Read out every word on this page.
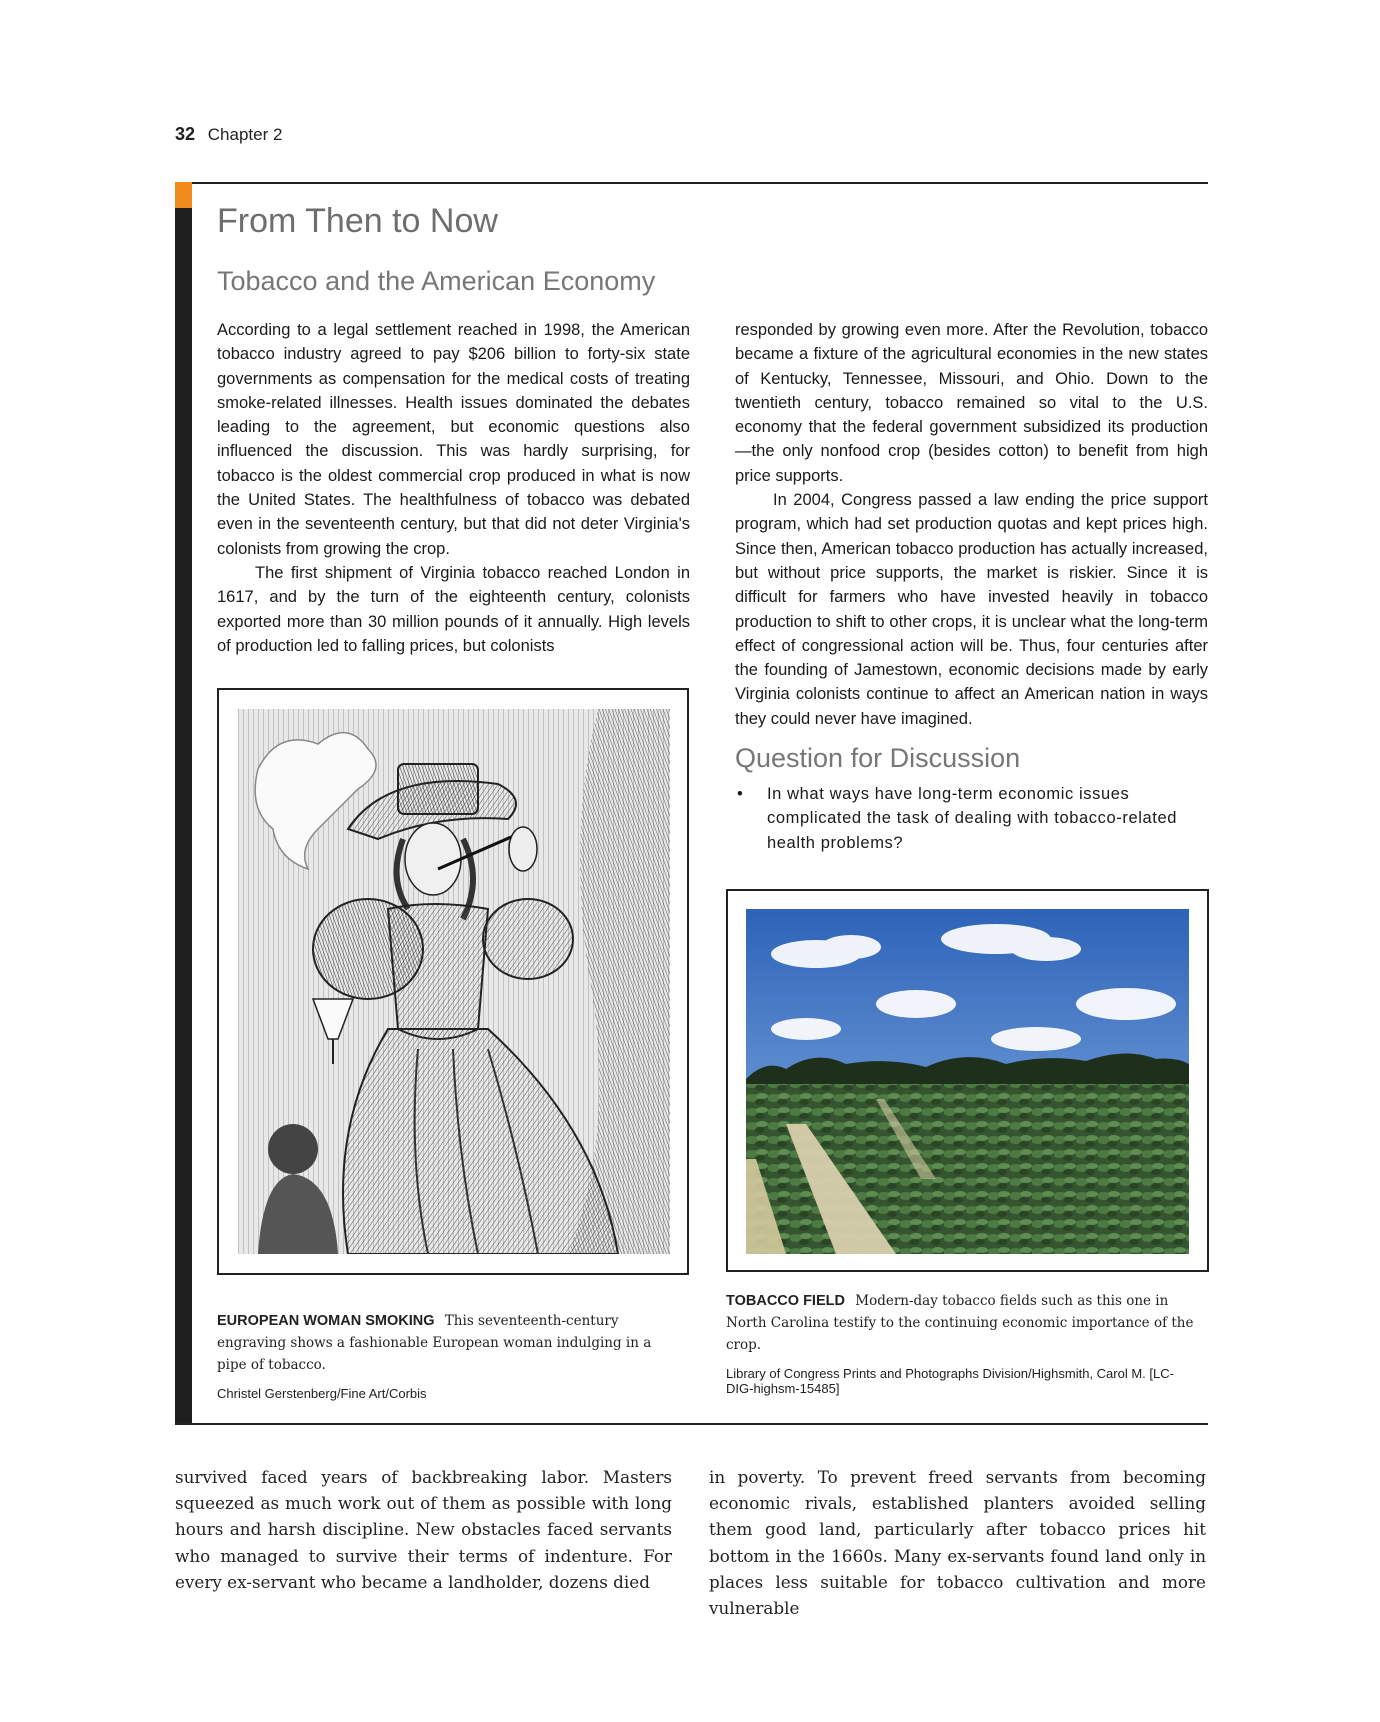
32 Chapter 2
From Then to Now
Tobacco and the American Economy

According to a legal settlement reached in 1998, the American tobacco industry agreed to pay $206 billion to forty-six state governments as compensation for the medical costs of treating smoke-related illnesses. Health issues dominated the debates leading to the agreement, but economic questions also influenced the discussion. This was hardly surprising, for tobacco is the oldest commercial crop produced in what is now the United States. The healthfulness of tobacco was debated even in the seventeenth century, but that did not deter Virginia's colonists from growing the crop.

The first shipment of Virginia tobacco reached London in 1617, and by the turn of the eighteenth century, colonists exported more than 30 million pounds of it annually. High levels of production led to falling prices, but colonists

responded by growing even more. After the Revolution, tobacco became a fixture of the agricultural economies in the new states of Kentucky, Tennessee, Missouri, and Ohio. Down to the twentieth century, tobacco remained so vital to the U.S. economy that the federal government subsidized its production—the only nonfood crop (besides cotton) to benefit from high price supports.

In 2004, Congress passed a law ending the price support program, which had set production quotas and kept prices high. Since then, American tobacco production has actually increased, but without price supports, the market is riskier. Since it is difficult for farmers who have invested heavily in tobacco production to shift to other crops, it is unclear what the long-term effect of congressional action will be. Thus, four centuries after the founding of Jamestown, economic decisions made by early Virginia colonists continue to affect an American nation in ways they could never have imagined.

Question for Discussion
•	In what ways have long-term economic issues complicated the task of dealing with tobacco-related health problems?
EUROPEAN WOMAN SMOKING This seventeenth-century engraving shows a fashionable European woman indulging in a pipe of tobacco.
Christel Gerstenberg/Fine Art/Corbis
TOBACCO FIELD Modern-day tobacco fields such as this one in North Carolina testify to the continuing economic importance of the crop.
Library of Congress Prints and Photographs Division/Highsmith, Carol M. [LC-DIG-highsm-15485]

survived faced years of backbreaking labor. Masters squeezed as much work out of them as possible with long hours and harsh discipline. New obstacles faced servants who managed to survive their terms of indenture. For every ex-servant who became a landholder, dozens died

in poverty. To prevent freed servants from becoming economic rivals, established planters avoided selling them good land, particularly after tobacco prices hit bottom in the 1660s. Many ex-servants found land only in places less suitable for tobacco cultivation and more vulnerable
